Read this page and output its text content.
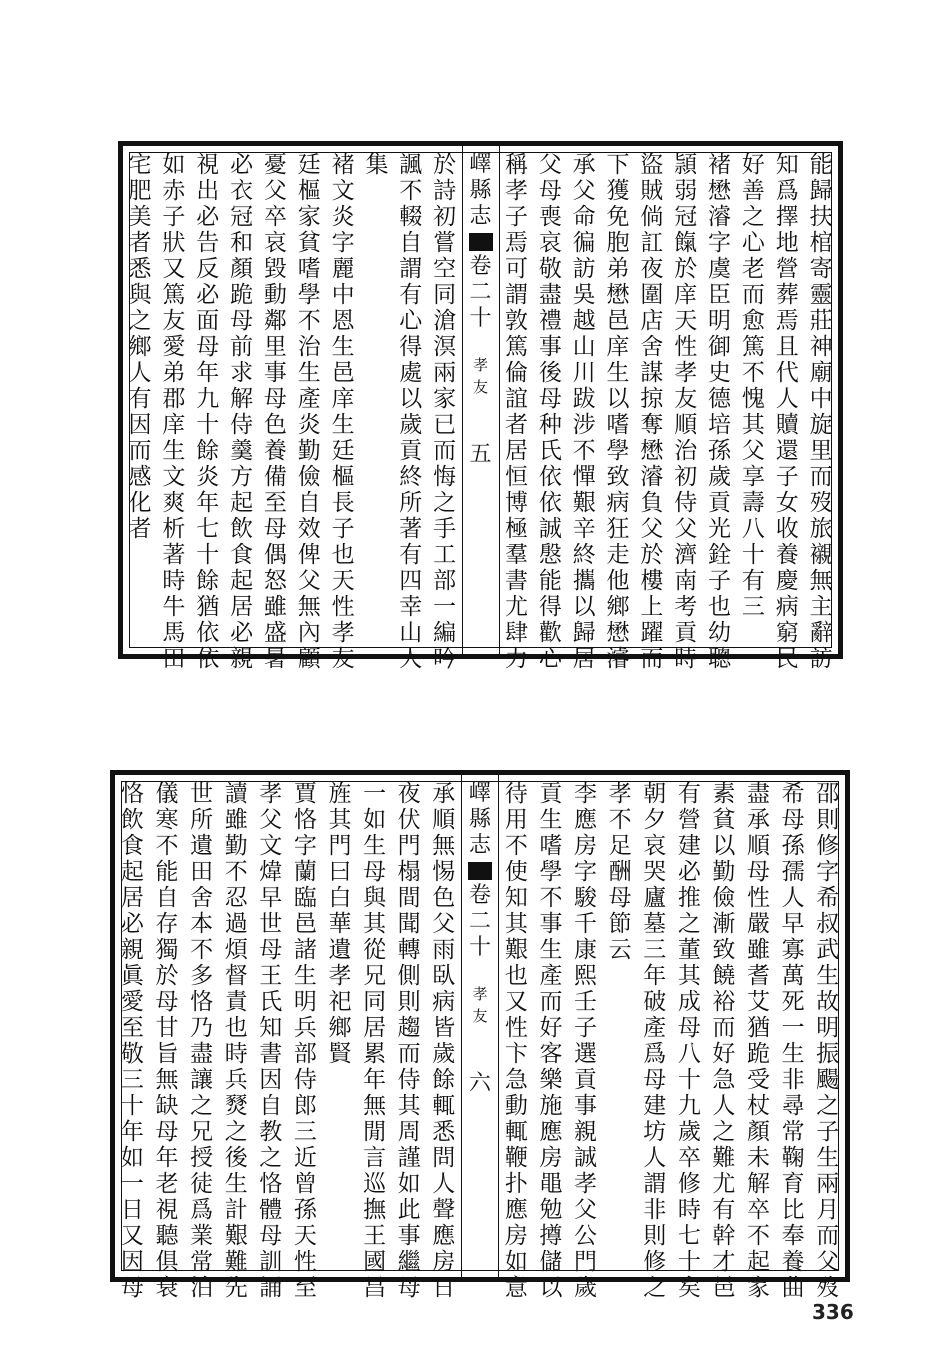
能
歸
扶
棺
寄
靈
莊
神
廟
中
旋
里
而
歿
旅
襯
無
主
辭
訪
知
爲
擇
地
營
葬
焉
且
代
人
贖
還
子
女
收
養
慶
病
窮
民
好
善
之
心
老
而
愈
篤
不
愧
其
父
享
壽
八
十
有
三
褚
懋
濬
字
虞
臣
明
御
史
德
培
孫
歲
貢
光
銓
子
也
幼
聰
頴
弱
冠
餼
於
庠
天
性
孝
友
順
治
初
侍
父
濟
南
考
貢
時
盜
賊
倘
訌
夜
圍
店
舍
謀
掠
奪
懋
濬
負
父
於
樓
上
躍
而
下
獲
免
胞
弟
懋
邑
庠
生
以
嗜
學
致
病
狂
走
他
鄉
懋
濬
承
父
命
徧
訪
吳
越
山
川
跋
涉
不
憚
艱
辛
終
攜
以
歸
居
父
母
喪
哀
敬
盡
禮
事
後
母
种
氏
依
依
誠
慇
能
得
歡
心
稱
孝
子
焉
可
謂
敦
篤
倫
誼
者
居
恒
博
極
羣
書
尤
肆
力
嶧
縣
志
卷
二
十
孝
友
五
於
詩
初
嘗
空
同
滄
溟
兩
家
已
而
悔
之
手
工
部
一
編
吟
諷
不
輟
自
謂
有
心
得
處
以
歲
貢
終
所
著
有
四
幸
山
人
集
褚
文
炎
字
麗
中
恩
生
邑
庠
生
廷
樞
長
子
也
天
性
孝
友
廷
樞
家
貧
嗜
學
不
治
生
產
炎
勤
儉
自
效
俾
父
無
內
顧
憂
父
卒
哀
毀
動
鄰
里
事
母
色
養
備
至
母
偶
怒
雖
盛
暑
必
衣
冠
和
顏
跪
母
前
求
解
侍
羹
方
起
飲
食
起
居
必
親
視
出
必
告
反
必
面
母
年
九
十
餘
炎
年
七
十
餘
猶
依
依
如
赤
子
狀
又
篤
友
愛
弟
郡
庠
生
文
爽
析
著
時
牛
馬
田
宅
肥
美
者
悉
與
之
鄉
人
有
因
而
感
化
者
邵
則
修
字
希
叔
武
生
故
明
振
颺
之
子
生
兩
月
而
父
歿
希
母
孫
孺
人
早
寡
萬
死
一
生
非
尋
常
鞠
育
比
奉
養
曲
盡
承
順
母
性
嚴
雖
耆
艾
猶
跪
受
杖
顏
未
解
卒
不
起
家
素
貧
以
勤
儉
漸
致
饒
裕
而
好
急
人
之
難
尤
有
幹
才
邑
有
營
建
必
推
之
董
其
成
母
八
十
九
歲
卒
修
時
七
十
矣
朝
夕
哀
哭
廬
墓
三
年
破
產
爲
母
建
坊
人
謂
非
則
修
之
孝
不
足
酬
母
節
云
李
應
房
字
駿
千
康
熙
壬
子
選
貢
事
親
誠
孝
父
公
門
歲
貢
生
嗜
學
不
事
生
產
而
好
客
樂
施
應
房
黽
勉
撙
儲
以
待
用
不
使
知
其
艱
也
又
性
卞
急
動
輒
鞭
扑
應
房
如
意
嶧
縣
志
卷
二
十
孝
友
六
承
順
無
惕
色
父
雨
臥
病
皆
歲
餘
輒
悉
問
人
聲
應
房
日
夜
伏
門
榻
間
聞
轉
側
則
趨
而
侍
其
周
謹
如
此
事
繼
母
一
如
生
母
與
其
從
兄
同
居
累
年
無
閒
言
巡
撫
王
國
昌
旌
其
門
曰
白
華
遺
孝
祀
鄉
賢
賈
恪
字
蘭
臨
邑
諸
生
明
兵
部
侍
郎
三
近
曾
孫
天
性
至
孝
父
文
煒
早
世
母
王
氏
知
書
因
自
教
之
恪
體
母
訓
誦
讀
雖
勤
不
忍
過
煩
督
責
也
時
兵
燹
之
後
生
計
艱
難
先
世
所
遺
田
舍
本
不
多
恪
乃
盡
讓
之
兄
授
徒
爲
業
常
泊
儀
寒
不
能
自
存
獨
於
母
甘
旨
無
缺
母
年
老
視
聽
俱
衰
恪
飲
食
起
居
必
親
眞
愛
至
敬
三
十
年
如
一
日
又
因
母
336
